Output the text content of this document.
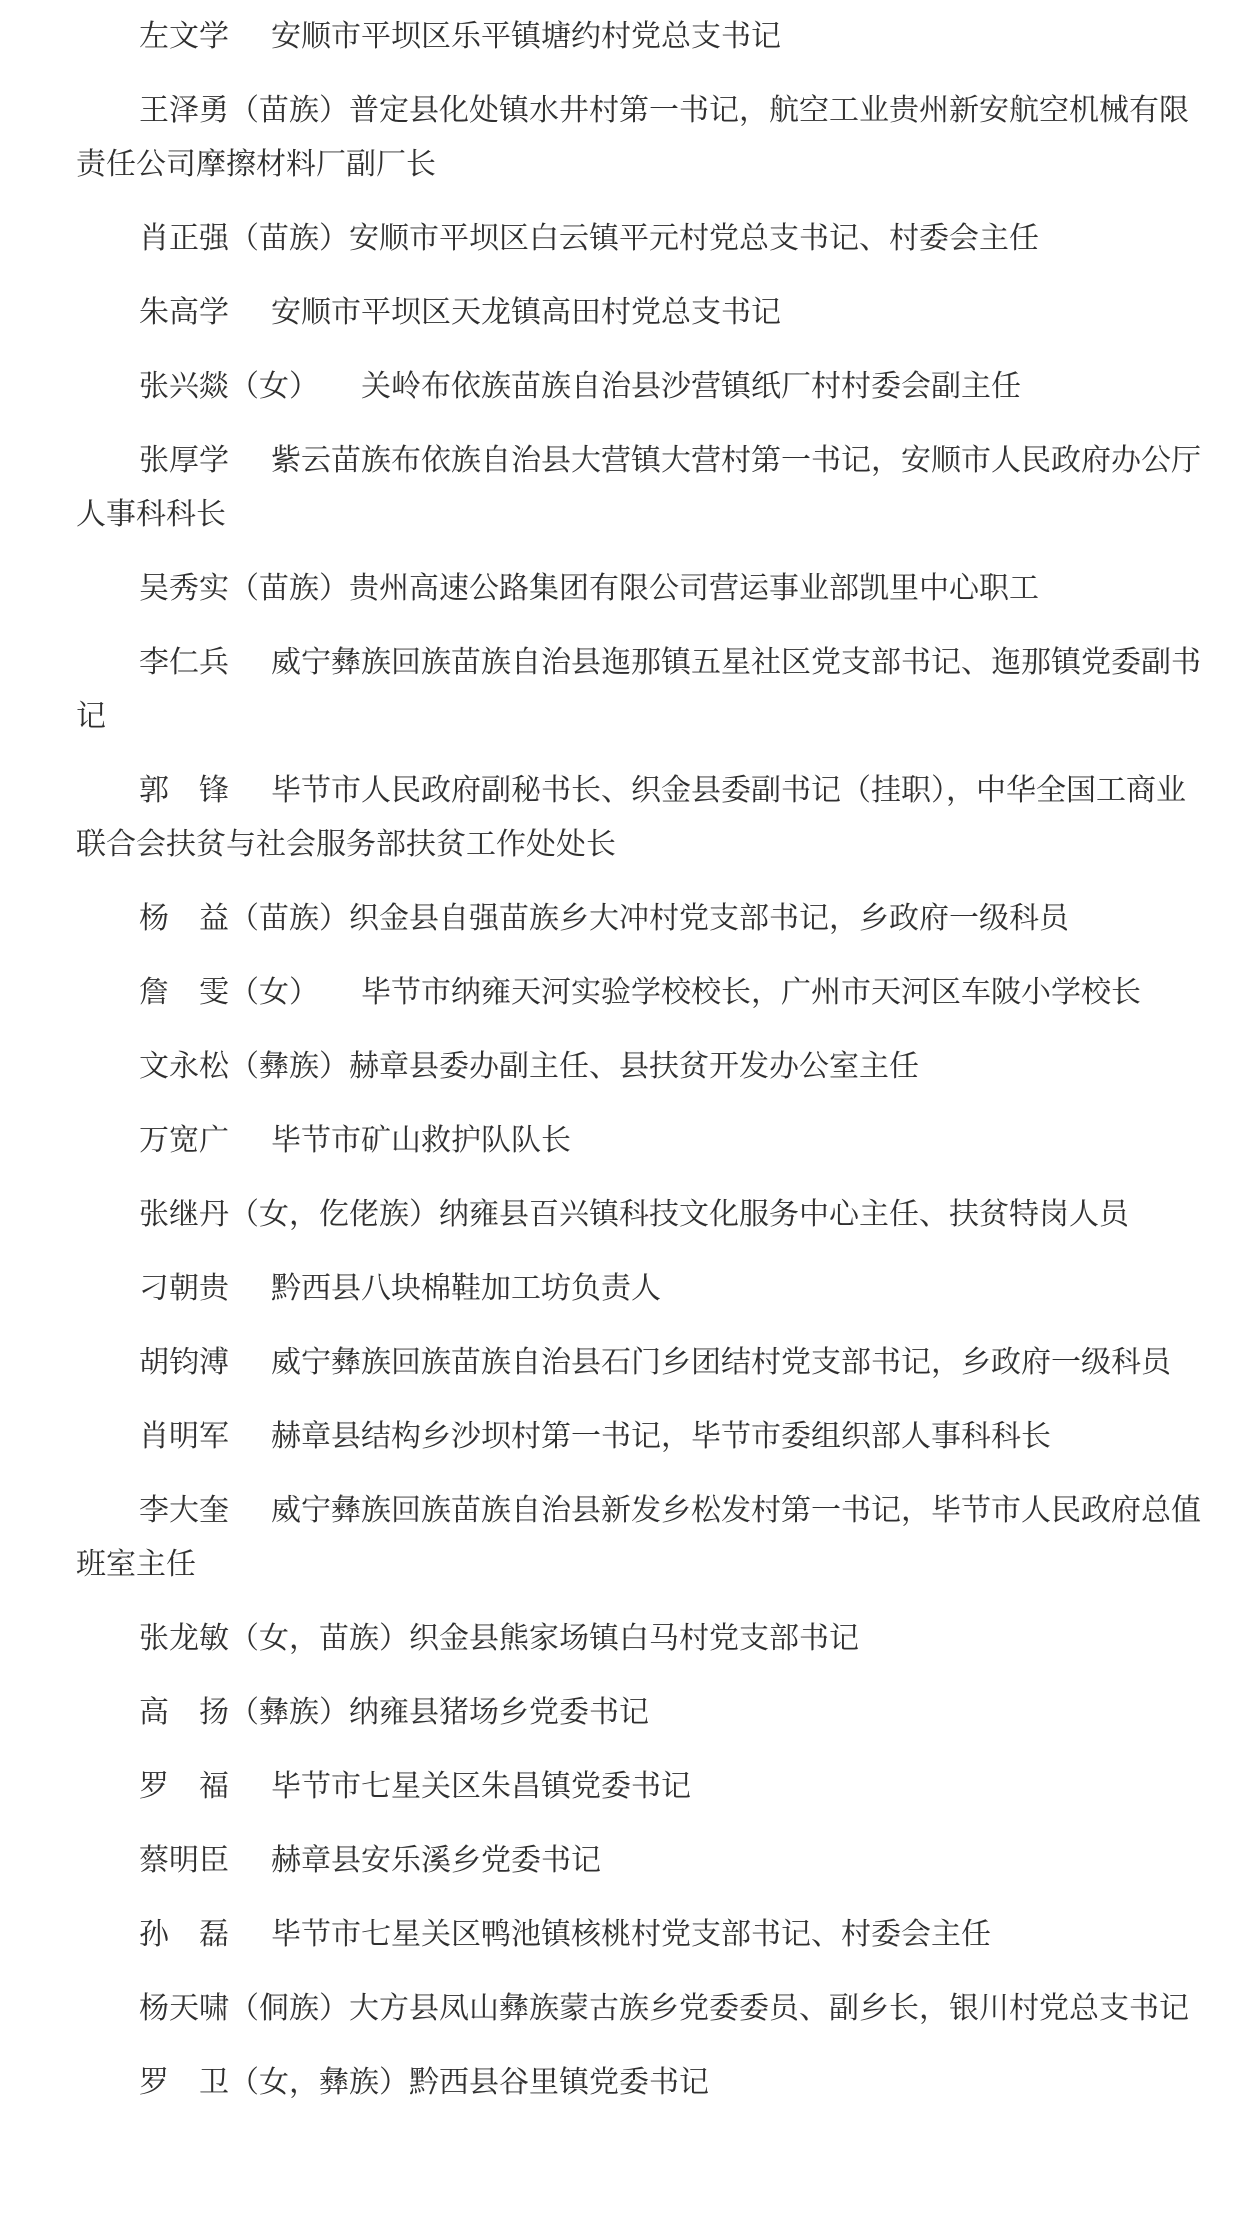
左文学 安顺市平坝区乐平镇塘约村党总支书记

王泽勇（苗族）普定县化处镇水井村第一书记，航空工业贵州新安航空机械有限责任公司摩擦材料厂副厂长

肖正强（苗族）安顺市平坝区白云镇平元村党总支书记、村委会主任

朱高学 安顺市平坝区天龙镇高田村党总支书记

张兴燚（女） 关岭布依族苗族自治县沙营镇纸厂村村委会副主任

张厚学 紫云苗族布依族自治县大营镇大营村第一书记，安顺市人民政府办公厅人事科科长

吴秀实（苗族）贵州高速公路集团有限公司营运事业部凯里中心职工

李仁兵 威宁彝族回族苗族自治县迤那镇五星社区党支部书记、迤那镇党委副书记

郭　锋 毕节市人民政府副秘书长、织金县委副书记（挂职），中华全国工商业联合会扶贫与社会服务部扶贫工作处处长

杨　益（苗族）织金县自强苗族乡大冲村党支部书记，乡政府一级科员

詹　雯（女） 毕节市纳雍天河实验学校校长，广州市天河区车陂小学校长

文永松（彝族）赫章县委办副主任、县扶贫开发办公室主任

万宽广 毕节市矿山救护队队长

张继丹（女，仡佬族）纳雍县百兴镇科技文化服务中心主任、扶贫特岗人员

刁朝贵 黔西县八块棉鞋加工坊负责人

胡钧溥 威宁彝族回族苗族自治县石门乡团结村党支部书记，乡政府一级科员

肖明军 赫章县结构乡沙坝村第一书记，毕节市委组织部人事科科长

李大奎 威宁彝族回族苗族自治县新发乡松发村第一书记，毕节市人民政府总值班室主任

张龙敏（女，苗族）织金县熊家场镇白马村党支部书记

高　扬（彝族）纳雍县猪场乡党委书记

罗　福 毕节市七星关区朱昌镇党委书记

蔡明臣 赫章县安乐溪乡党委书记

孙　磊 毕节市七星关区鸭池镇核桃村党支部书记、村委会主任

杨天啸（侗族）大方县凤山彝族蒙古族乡党委委员、副乡长，银川村党总支书记

罗　卫（女，彝族）黔西县谷里镇党委书记
